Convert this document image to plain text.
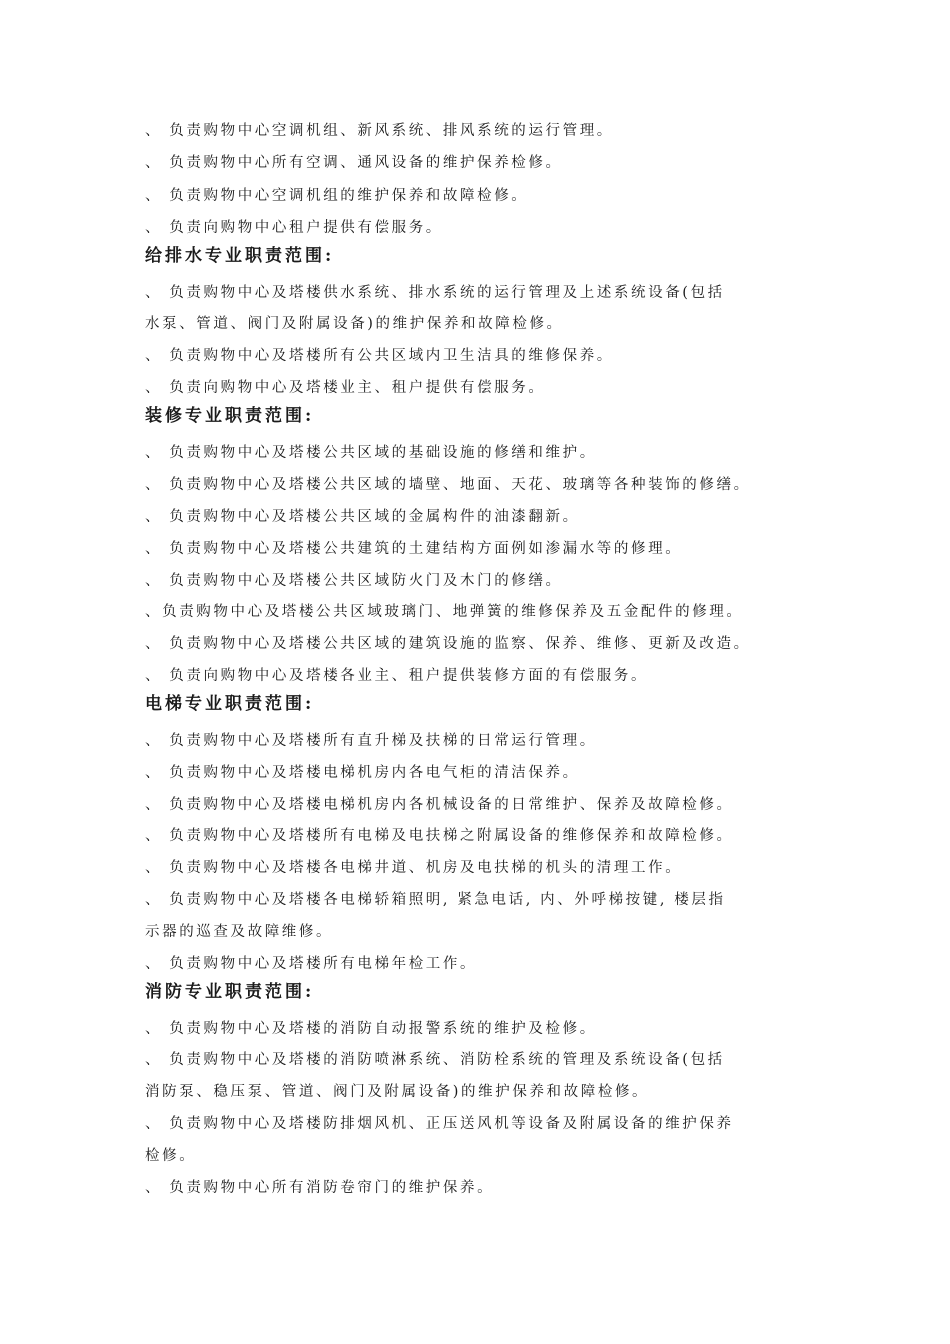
、 负责购物中心空调机组、新风系统、排风系统的运行管理。
、 负责购物中心所有空调、通风设备的维护保养检修。
、 负责购物中心空调机组的维护保养和故障检修。
、 负责向购物中心租户提供有偿服务。
给排水专业职责范围:
、 负责购物中心及塔楼供水系统、排水系统的运行管理及上述系统设备(包括
水泵、管道、阀门及附属设备)的维护保养和故障检修。
、 负责购物中心及塔楼所有公共区域内卫生洁具的维修保养。
、 负责向购物中心及塔楼业主、租户提供有偿服务。
装修专业职责范围:
、 负责购物中心及塔楼公共区域的基础设施的修缮和维护。
、 负责购物中心及塔楼公共区域的墙壁、地面、天花、玻璃等各种装饰的修缮。
、 负责购物中心及塔楼公共区域的金属构件的油漆翻新。
、 负责购物中心及塔楼公共建筑的土建结构方面例如渗漏水等的修理。
、 负责购物中心及塔楼公共区域防火门及木门的修缮。
、负责购物中心及塔楼公共区域玻璃门、地弹簧的维修保养及五金配件的修理。
、 负责购物中心及塔楼公共区域的建筑设施的监察、保养、维修、更新及改造。
、 负责向购物中心及塔楼各业主、租户提供装修方面的有偿服务。
电梯专业职责范围:
、 负责购物中心及塔楼所有直升梯及扶梯的日常运行管理。
、 负责购物中心及塔楼电梯机房内各电气柜的清洁保养。
、 负责购物中心及塔楼电梯机房内各机械设备的日常维护、保养及故障检修。
、 负责购物中心及塔楼所有电梯及电扶梯之附属设备的维修保养和故障检修。
、 负责购物中心及塔楼各电梯井道、机房及电扶梯的机头的清理工作。
、 负责购物中心及塔楼各电梯轿箱照明, 紧急电话, 内、外呼梯按键, 楼层指
示器的巡查及故障维修。
、 负责购物中心及塔楼所有电梯年检工作。
消防专业职责范围:
、 负责购物中心及塔楼的消防自动报警系统的维护及检修。
、 负责购物中心及塔楼的消防喷淋系统、消防栓系统的管理及系统设备(包括
消防泵、稳压泵、管道、阀门及附属设备)的维护保养和故障检修。
、 负责购物中心及塔楼防排烟风机、正压送风机等设备及附属设备的维护保养
检修。
、 负责购物中心所有消防卷帘门的维护保养。
